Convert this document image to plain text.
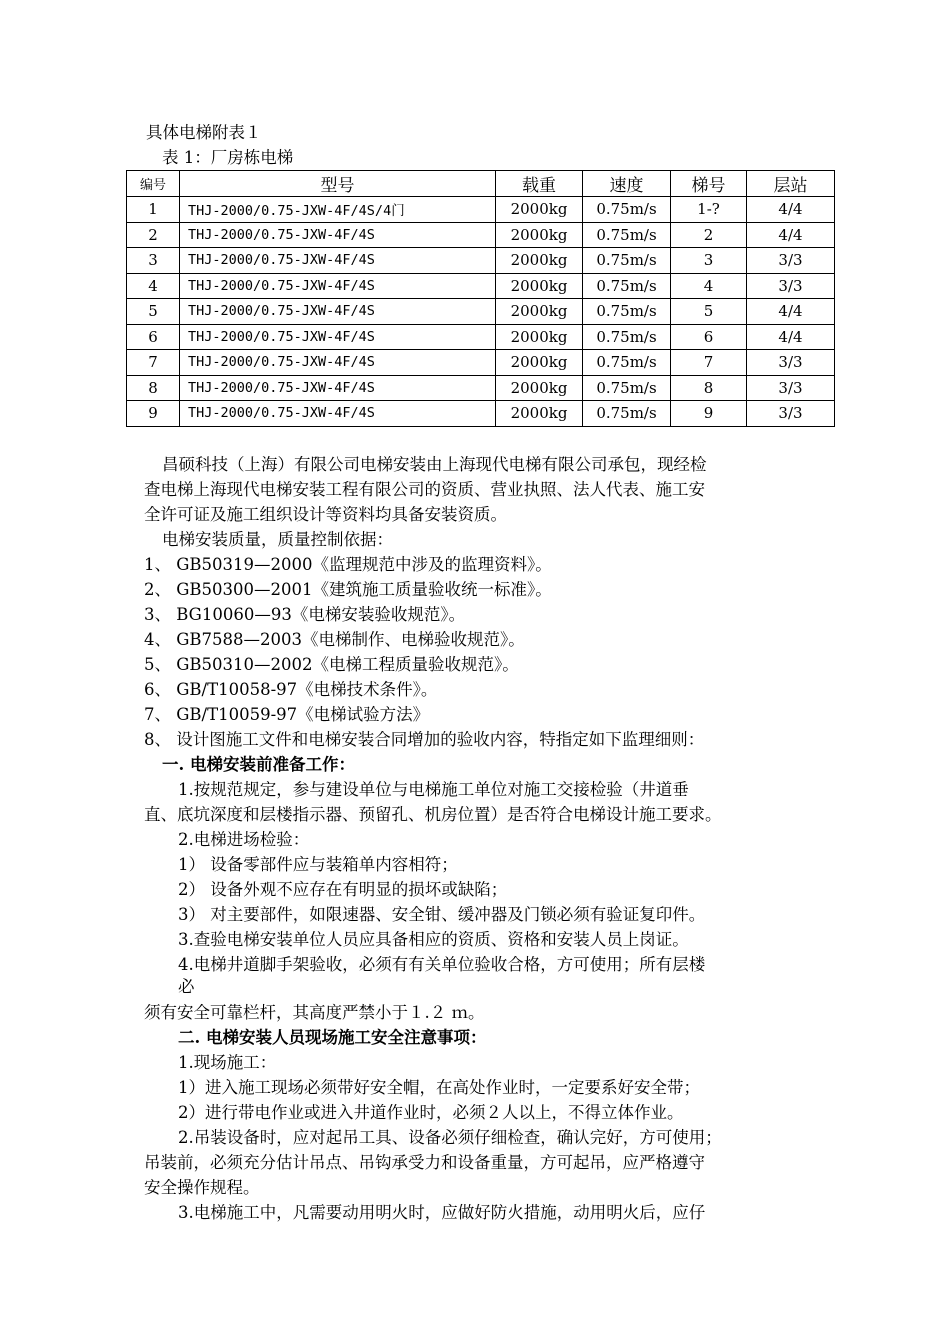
具体电梯附表１
表 1：厂房栋电梯
编号	型号	载重	速度	梯号	层站
1	THJ-2000/0.75-JXW-4F/4S/4门	2000kg	0.75m/s	1-?	4/4
2	THJ-2000/0.75-JXW-4F/4S	2000kg	0.75m/s	2	4/4
3	THJ-2000/0.75-JXW-4F/4S	2000kg	0.75m/s	3	3/3
4	THJ-2000/0.75-JXW-4F/4S	2000kg	0.75m/s	4	3/3
5	THJ-2000/0.75-JXW-4F/4S	2000kg	0.75m/s	5	4/4
6	THJ-2000/0.75-JXW-4F/4S	2000kg	0.75m/s	6	4/4
7	THJ-2000/0.75-JXW-4F/4S	2000kg	0.75m/s	7	3/3
8	THJ-2000/0.75-JXW-4F/4S	2000kg	0.75m/s	8	3/3
9	THJ-2000/0.75-JXW-4F/4S	2000kg	0.75m/s	9	3/3
昌硕科技（上海）有限公司电梯安装由上海现代电梯有限公司承包，现经检
查电梯上海现代电梯安装工程有限公司的资质、营业执照、法人代表、施工安
全许可证及施工组织设计等资料均具备安装资质。
电梯安装质量，质量控制依据：
1、 GB50319—2000《监理规范中涉及的监理资料》。
2、 GB50300—2001《建筑施工质量验收统一标准》。
3、 BG10060—93《电梯安装验收规范》。
4、 GB7588—2003《电梯制作、电梯验收规范》。
5、 GB50310—2002《电梯工程质量验收规范》。
6、 GB/T10058-97《电梯技术条件》。
7、 GB/T10059-97《电梯试验方法》
8、 设计图施工文件和电梯安装合同增加的验收内容，特指定如下监理细则：
一. 电梯安装前准备工作：
1.按规范规定，参与建设单位与电梯施工单位对施工交接检验（井道垂
直、底坑深度和层楼指示器、预留孔、机房位置）是否符合电梯设计施工要求。
2.电梯进场检验：
1） 设备零部件应与装箱单内容相符；
2） 设备外观不应存在有明显的损坏或缺陷；
3） 对主要部件，如限速器、安全钳、缓冲器及门锁必须有验证复印件。
3.查验电梯安装单位人员应具备相应的资质、资格和安装人员上岗证。
4.电梯井道脚手架验收，必须有有关单位验收合格，方可使用；所有层楼
必
须有安全可靠栏杆，其高度严禁小于１.２ ｍ。
二. 电梯安装人员现场施工安全注意事项：
1.现场施工：
1）进入施工现场必须带好安全帽，在高处作业时，一定要系好安全带；
2）进行带电作业或进入井道作业时，必须２人以上，不得立体作业。
2.吊装设备时，应对起吊工具、设备必须仔细检查，确认完好，方可使用；
吊装前，必须充分估计吊点、吊钩承受力和设备重量，方可起吊，应严格遵守
安全操作规程。
3.电梯施工中，凡需要动用明火时，应做好防火措施，动用明火后，应仔
